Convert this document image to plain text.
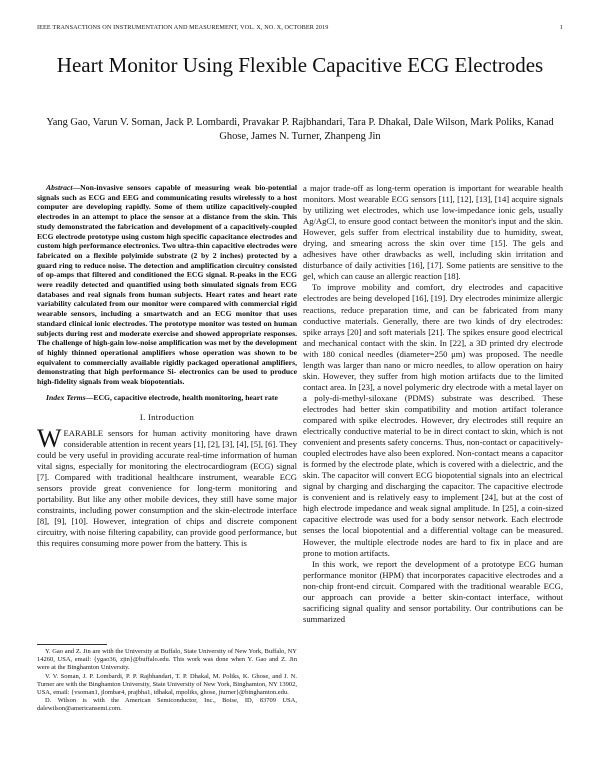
IEEE TRANSACTIONS ON INSTRUMENTATION AND MEASUREMENT, VOL. X, NO. X, OCTOBER 2019	1
Heart Monitor Using Flexible Capacitive ECG Electrodes
Yang Gao, Varun V. Soman, Jack P. Lombardi, Pravakar P. Rajbhandari, Tara P. Dhakal, Dale Wilson, Mark Poliks, Kanad Ghose, James N. Turner, Zhanpeng Jin

Abstract—Non-invasive sensors capable of measuring weak bio-potential signals such as ECG and EEG and communicating results wirelessly to a host computer are developing rapidly. Some of them utilize capacitively-coupled electrodes in an attempt to place the sensor at a distance from the skin. This study demonstrated the fabrication and development of a capacitively-coupled ECG electrode prototype using custom high specific capacitance electrodes and custom high performance electronics. Two ultra-thin capacitive electrodes were fabricated on a flexible polyimide substrate (2 by 2 inches) protected by a guard ring to reduce noise. The detection and amplification circuitry consisted of op-amps that filtered and conditioned the ECG signal. R-peaks in the ECG were readily detected and quantified using both simulated signals from ECG databases and real signals from human subjects. Heart rates and heart rate variability calculated from our monitor were compared with commercial rigid wearable sensors, including a smartwatch and an ECG monitor that uses standard clinical ionic electrodes. The prototype monitor was tested on human subjects during rest and moderate exercise and showed appropriate responses. The challenge of high-gain low-noise amplification was met by the development of highly thinned operational amplifiers whose operation was shown to be equivalent to commercially available rigidly packaged operational amplifiers, demonstrating that high performance Si- electronics can be used to produce high-fidelity signals from weak biopotentials.

Index Terms—ECG, capacitive electrode, health monitoring, heart rate

I. Introduction

WEARABLE sensors for human activity monitoring have drawn considerable attention in recent years [1], [2], [3], [4], [5], [6]. They could be very useful in providing accurate real-time information of human vital signs, especially for monitoring the electrocardiogram (ECG) signal [7]. Compared with traditional healthcare instrument, wearable ECG sensors provide great convenience for long-term monitoring and portability. But like any other mobile devices, they still have some major constraints, including power consumption and the skin-electrode interface [8], [9], [10]. However, integration of chips and discrete component circuitry, with noise filtering capability, can provide good performance, but this requires consuming more power from the battery. This is

Y. Gao and Z. Jin are with the University at Buffalo, State University of New York, Buffalo, NY 14260, USA, email: {ygao36, zjin}@buffalo.edu. This work was done when Y. Gao and Z. Jin were at the Binghamton University.

V. V. Soman, J. P. Lombardi, P. P. Rajbhandari, T. P. Dhakal, M. Poliks, K. Ghose, and J. N. Turner are with the Binghamton University, State University of New York, Binghamton, NY 13902, USA, email: {vsoman1, jlombar4, prajbha1, tdhakal, mpoliks, ghose, jturner}@binghamton.edu.

D. Wilson is with the American Semiconductor, Inc., Boise, ID, 83709 USA, dalewilson@americansemi.com.

a major trade-off as long-term operation is important for wearable health monitors. Most wearable ECG sensors [11], [12], [13], [14] acquire signals by utilizing wet electrodes, which use low-impedance ionic gels, usually Ag/AgCl, to ensure good contact between the monitor's input and the skin. However, gels suffer from electrical instability due to humidity, sweat, drying, and smearing across the skin over time [15]. The gels and adhesives have other drawbacks as well, including skin irritation and disturbance of daily activities [16], [17]. Some patients are sensitive to the gel, which can cause an allergic reaction [18].

To improve mobility and comfort, dry electrodes and capacitive electrodes are being developed [16], [19]. Dry electrodes minimize allergic reactions, reduce preparation time, and can be fabricated from many conductive materials. Generally, there are two kinds of dry electrodes: spike arrays [20] and soft materials [21]. The spikes ensure good electrical and mechanical contact with the skin. In [22], a 3D printed dry electrode with 180 conical needles (diameter=250 μm) was proposed. The needle length was larger than nano or micro needles, to allow operation on hairy skin. However, they suffer from high motion artifacts due to the limited contact area. In [23], a novel polymeric dry electrode with a metal layer on a poly-di-methyl-siloxane (PDMS) substrate was described. These electrodes had better skin compatibility and motion artifact tolerance compared with spike electrodes. However, dry electrodes still require an electrically conductive material to be in direct contact to skin, which is not convenient and presents safety concerns. Thus, non-contact or capacitively-coupled electrodes have also been explored. Non-contact means a capacitor is formed by the electrode plate, which is covered with a dielectric, and the skin. The capacitor will convert ECG biopotential signals into an electrical signal by charging and discharging the capacitor. The capacitive electrode is convenient and is relatively easy to implement [24], but at the cost of high electrode impedance and weak signal amplitude. In [25], a coin-sized capacitive electrode was used for a body sensor network. Each electrode senses the local biopotential and a differential voltage can be measured. However, the multiple electrode nodes are hard to fix in place and are prone to motion artifacts.

In this work, we report the development of a prototype ECG human performance monitor (HPM) that incorporates capacitive electrodes and a non-chip front-end circuit. Compared with the traditional wearable ECG, our approach can provide a better skin-contact interface, without sacrificing signal quality and sensor portability. Our contributions can be summarized
